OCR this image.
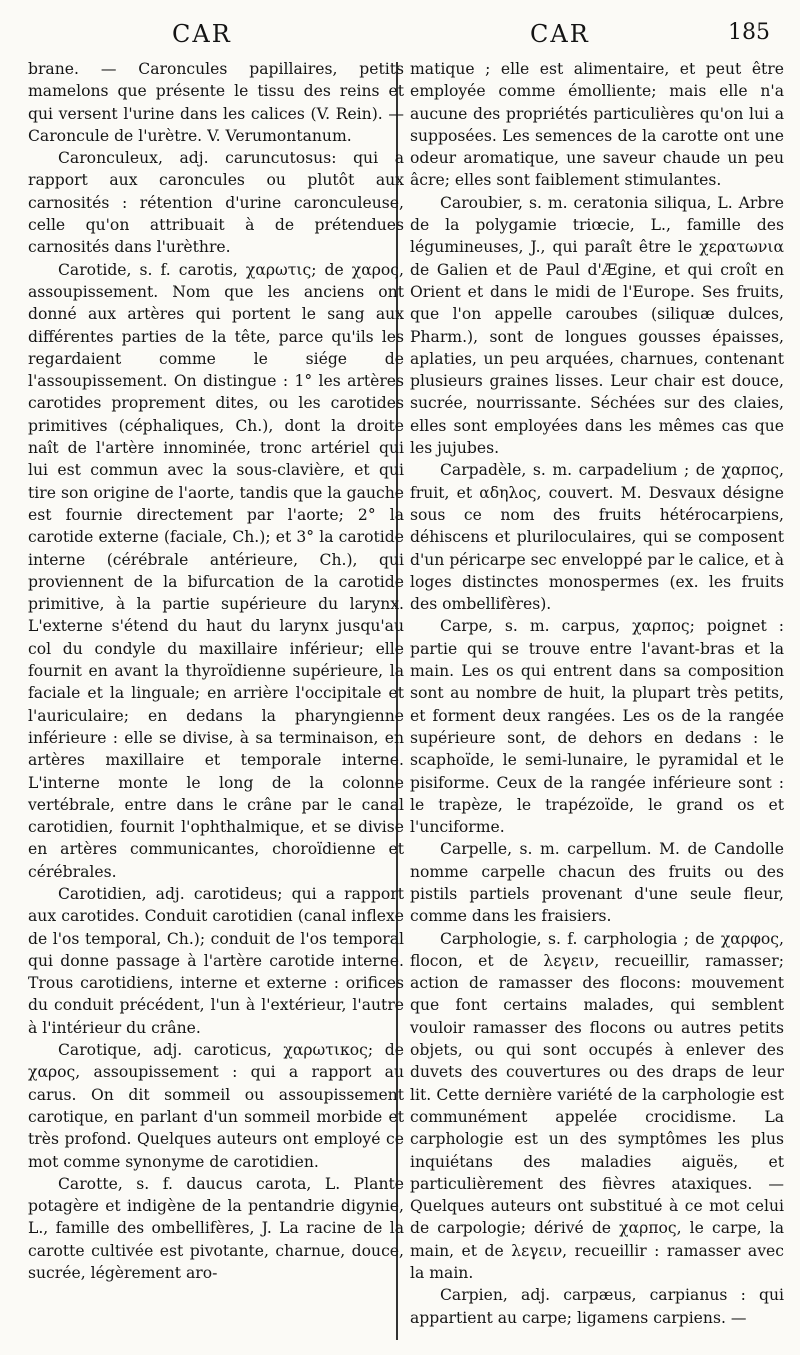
CAR	CAR	185

brane. — Caroncules papillaires, petits mamelons que présente le tissu des reins et qui versent l'urine dans les calices (V. Rein). — Caroncule de l'urètre. V. Verumontanum.

Caronculeux, adj. caruncutosus: qui a rapport aux caroncules ou plutôt aux carnosités : rétention d'urine caronculeuse, celle qu'on attribuait à de prétendues carnosités dans l'urèthre.

Carotide, s. f. carotis, χαρωτις; de χαρος, assoupissement. Nom que les anciens ont donné aux artères qui portent le sang aux différentes parties de la tête, parce qu'ils les regardaient comme le siége de l'assoupissement. On distingue : 1° les artères carotides proprement dites, ou les carotides primitives (céphaliques, Ch.), dont la droite naît de l'artère innominée, tronc artériel qui lui est commun avec la sous-clavière, et qui tire son origine de l'aorte, tandis que la gauche est fournie directement par l'aorte; 2° la carotide externe (faciale, Ch.); et 3° la carotide interne (cérébrale antérieure, Ch.), qui proviennent de la bifurcation de la carotide primitive, à la partie supérieure du larynx. L'externe s'étend du haut du larynx jusqu'au col du condyle du maxillaire inférieur; elle fournit en avant la thyroïdienne supérieure, la faciale et la linguale; en arrière l'occipitale et l'auriculaire; en dedans la pharyngienne inférieure : elle se divise, à sa terminaison, en artères maxillaire et temporale interne. L'interne monte le long de la colonne vertébrale, entre dans le crâne par le canal carotidien, fournit l'ophthalmique, et se divise en artères communicantes, choroïdienne et cérébrales.

Carotidien, adj. carotideus; qui a rapport aux carotides. Conduit carotidien (canal inflexe de l'os temporal, Ch.); conduit de l'os temporal qui donne passage à l'artère carotide interne. Trous carotidiens, interne et externe : orifices du conduit précédent, l'un à l'extérieur, l'autre à l'intérieur du crâne.

Carotique, adj. caroticus, χαρωτικος; de χαρος, assoupissement : qui a rapport au carus. On dit sommeil ou assoupissement carotique, en parlant d'un sommeil morbide et très profond. Quelques auteurs ont employé ce mot comme synonyme de carotidien.

Carotte, s. f. daucus carota, L. Plante potagère et indigène de la pentandrie digynie, L., famille des ombellifères, J. La racine de la carotte cultivée est pivotante, charnue, douce, sucrée, légèrement aro-

matique ; elle est alimentaire, et peut être employée comme émolliente; mais elle n'a aucune des propriétés particulières qu'on lui a supposées. Les semences de la carotte ont une odeur aromatique, une saveur chaude un peu âcre; elles sont faiblement stimulantes.

Caroubier, s. m. ceratonia siliqua, L. Arbre de la polygamie triœcie, L., famille des légumineuses, J., qui paraît être le χερατωνια de Galien et de Paul d'Ægine, et qui croît en Orient et dans le midi de l'Europe. Ses fruits, que l'on appelle caroubes (siliquæ dulces, Pharm.), sont de longues gousses épaisses, aplaties, un peu arquées, charnues, contenant plusieurs graines lisses. Leur chair est douce, sucrée, nourrissante. Séchées sur des claies, elles sont employées dans les mêmes cas que les jujubes.

Carpadèle, s. m. carpadelium ; de χαρπος, fruit, et αδηλος, couvert. M. Desvaux désigne sous ce nom des fruits hétérocarpiens, déhiscens et pluriloculaires, qui se composent d'un péricarpe sec enveloppé par le calice, et à loges distinctes monospermes (ex. les fruits des ombellifères).

Carpe, s. m. carpus, χαρπος; poignet : partie qui se trouve entre l'avant-bras et la main. Les os qui entrent dans sa composition sont au nombre de huit, la plupart très petits, et forment deux rangées. Les os de la rangée supérieure sont, de dehors en dedans : le scaphoïde, le semi-lunaire, le pyramidal et le pisiforme. Ceux de la rangée inférieure sont : le trapèze, le trapézoïde, le grand os et l'unciforme.

Carpelle, s. m. carpellum. M. de Candolle nomme carpelle chacun des fruits ou des pistils partiels provenant d'une seule fleur, comme dans les fraisiers.

Carphologie, s. f. carphologia ; de χαρφος, flocon, et de λεγειν, recueillir, ramasser; action de ramasser des flocons: mouvement que font certains malades, qui semblent vouloir ramasser des flocons ou autres petits objets, ou qui sont occupés à enlever des duvets des couvertures ou des draps de leur lit. Cette dernière variété de la carphologie est communément appelée crocidisme. La carphologie est un des symptômes les plus inquiétans des maladies aiguës, et particulièrement des fièvres ataxiques. — Quelques auteurs ont substitué à ce mot celui de carpologie; dérivé de χαρπος, le carpe, la main, et de λεγειν, recueillir : ramasser avec la main.

Carpien, adj. carpæus, carpianus : qui appartient au carpe; ligamens carpiens. —
